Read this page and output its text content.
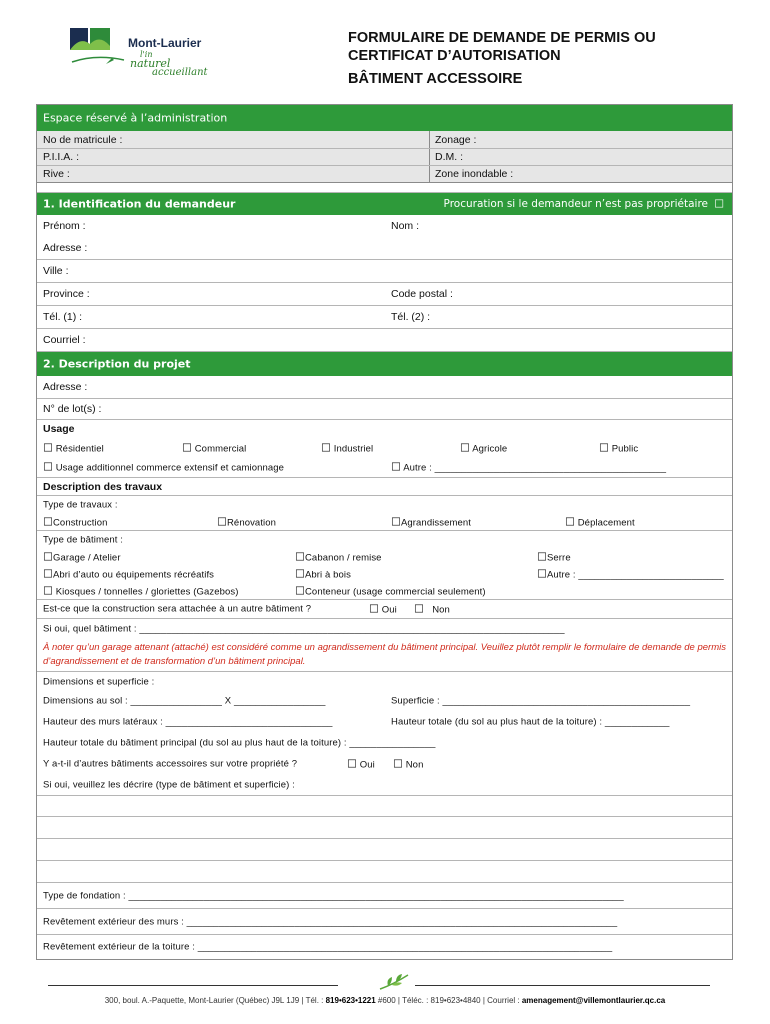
Mont-Laurier
l'in
naturel
accueillant
FORMULAIRE DE DEMANDE DE PERMIS OU
CERTIFICAT D’AUTORISATION
BÂTIMENT ACCESSOIRE
Espace réservé à l’administration
No de matricule :	Zonage :
P.I.I.A. :	D.M. :
Rive :	Zone inondable :
1. Identification du demandeur	Procuration si le demandeur n’est pas propriétaire ☐
Prénom :	Nom :
Adresse :
Ville :
Province :	Code postal :
Tél. (1) :	Tél. (2) :
Courriel :
2. Description du projet
Adresse :
N° de lot(s) :
Usage
☐ Résidentiel	☐ Commercial	☐ Industriel	☐ Agricole	☐ Public
☐ Usage additionnel commerce extensif et camionnage	☐ Autre : ___________________________________________
Description des travaux
Type de travaux :
☐Construction	☐Rénovation	☐Agrandissement	☐ Déplacement
Type de bâtiment :
☐Garage / Atelier	☐Cabanon / remise	☐Serre
☐Abri d’auto ou équipements récréatifs	☐Abri à bois	☐Autre : ___________________________
☐ Kiosques / tonnelles / gloriettes (Gazebos)	☐Conteneur (usage commercial seulement)
Est-ce que la construction sera attachée à un autre bâtiment ?	☐ Oui ☐ Non
Si oui, quel bâtiment : _______________________________________________________________________________
À noter qu’un garage attenant (attaché) est considéré comme un agrandissement du bâtiment principal. Veuillez plutôt remplir le formulaire de demande de permis d’agrandissement et de transformation d’un bâtiment principal.
Dimensions et superficie :
Dimensions au sol : _________________ X _________________	Superficie : ______________________________________________
Hauteur des murs latéraux : _______________________________	Hauteur totale (du sol au plus haut de la toiture) : ____________
Hauteur totale du bâtiment principal (du sol au plus haut de la toiture) : ________________
Y a-t-il d’autres bâtiments accessoires sur votre propriété ?	☐ Oui ☐ Non
Si oui, veuillez les décrire (type de bâtiment et superficie) :
Type de fondation : ____________________________________________________________________________________________
Revêtement extérieur des murs : ________________________________________________________________________________
Revêtement extérieur de la toiture : _____________________________________________________________________________
300, boul. A.-Paquette, Mont-Laurier (Québec) J9L 1J9 | Tél. : 819•623•1221 #600 | Téléc. : 819•623•4840 | Courriel : amenagement@villemontlaurier.qc.ca
